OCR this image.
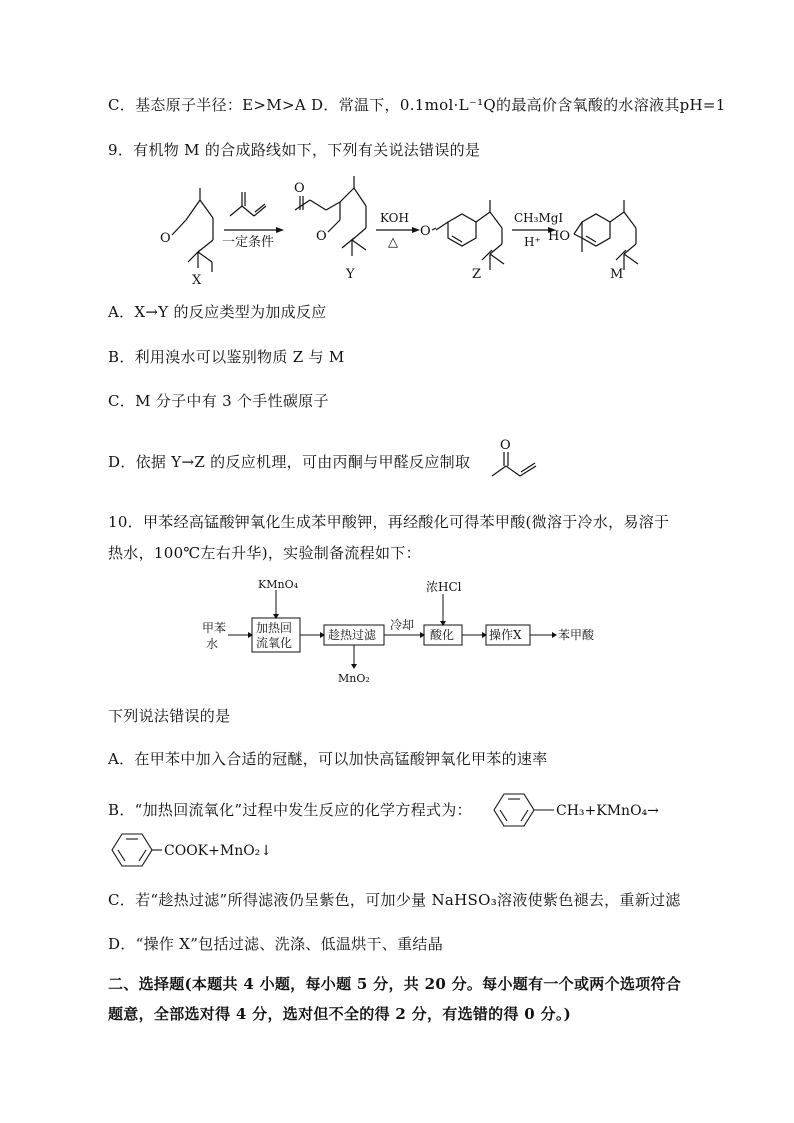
C．基态原子半径：E>M>A D．常温下，0.1mol·L⁻¹Q的最高价含氧酸的水溶液其pH=1
9．有机物 M 的合成路线如下，下列有关说法错误的是
O
O
O	O	HO
一定条件
KOH
△
CH₃MgI
H⁺
X	Y	Z	M
A．X→Y 的反应类型为加成反应
B．利用溴水可以鉴别物质 Z 与 M
C．M 分子中有 3 个手性碳原子
D．依据 Y→Z 的反应机理，可由丙酮与甲醛反应制取
O
10．甲苯经高锰酸钾氧化生成苯甲酸钾，再经酸化可得苯甲酸(微溶于冷水，易溶于
热水，100℃左右升华)，实验制备流程如下：
甲苯
水
KMnO₄
加热回
流氧化
趁热过滤
MnO₂
冷却
浓HCl
酸化	操作X	苯甲酸
下列说法错误的是
A．在甲苯中加入合适的冠醚，可以加快高锰酸钾氧化甲苯的速率
B．“加热回流氧化”过程中发生反应的化学方程式为：	CH₃+KMnO₄→
COOK+MnO₂↓
C．若“趁热过滤”所得滤液仍呈紫色，可加少量 NaHSO₃溶液使紫色褪去，重新过滤
D．“操作 X”包括过滤、洗涤、低温烘干、重结晶
二、选择题(本题共 4 小题，每小题 5 分，共 20 分。每小题有一个或两个选项符合
题意，全部选对得 4 分，选对但不全的得 2 分，有选错的得 0 分。)
